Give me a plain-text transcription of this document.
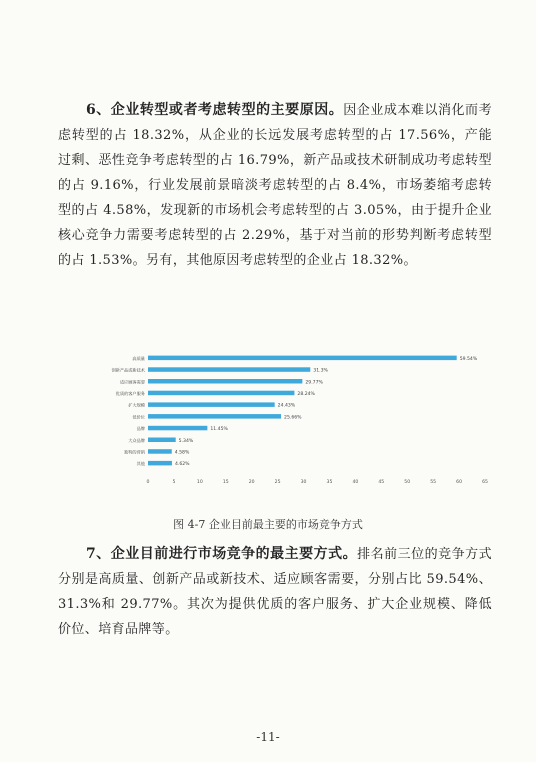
6、企业转型或者考虑转型的主要原因。因企业成本难以消化而考虑转型的占 18.32%，从企业的长远发展考虑转型的占 17.56%，产能过剩、恶性竞争考虑转型的占 16.79%，新产品或技术研制成功考虑转型的占 9.16%，行业发展前景暗淡考虑转型的占 8.4%，市场萎缩考虑转型的占 4.58%，发现新的市场机会考虑转型的占 3.05%，由于提升企业核心竞争力需要考虑转型的占 2.29%，基于对当前的形势判断考虑转型的占 1.53%。另有，其他原因考虑转型的企业占 18.32%。

高质量	59.54%
创新产品或新技术	31.3%
适应顾客需要	29.77%
优质的客户服务	28.24%
扩大规模	24.43%
低价位	25.66%
品牌	11.45%
大众品牌	5.34%
独特的营销	4.58%
其他	4.62%
0	5	10	15	20	25	30	35	40	45	50	55	60	65
图 4-7 企业目前最主要的市场竞争方式

7、企业目前进行市场竞争的最主要方式。排名前三位的竞争方式分别是高质量、创新产品或新技术、适应顾客需要，分别占比 59.54%、 31.3%和 29.77%。其次为提供优质的客户服务、扩大企业规模、降低价位、培育品牌等。

-11-
